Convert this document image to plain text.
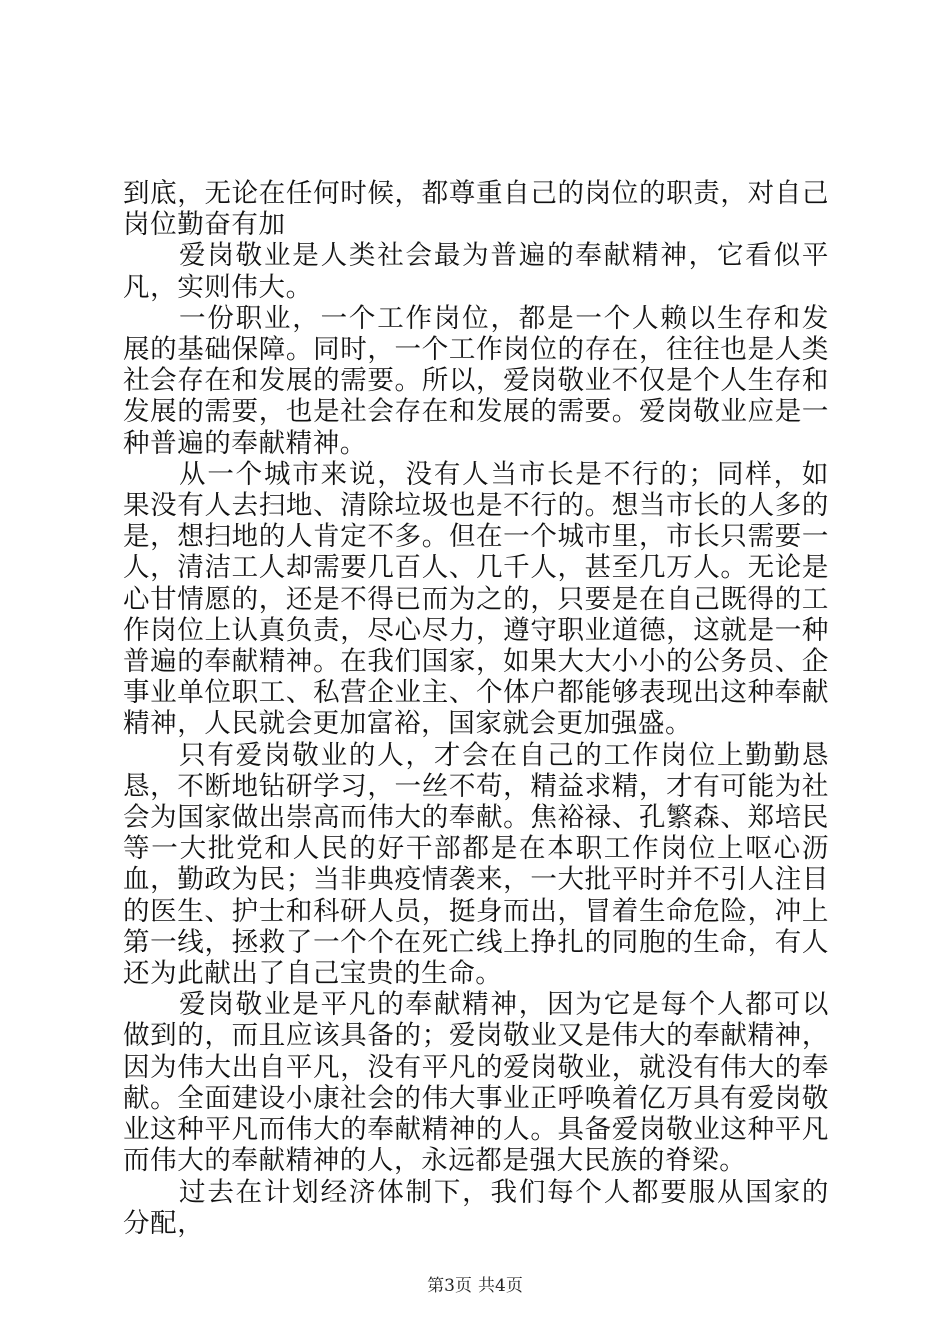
到底，无论在任何时候，都尊重自己的岗位的职责，对自己岗位勤奋有加

爱岗敬业是人类社会最为普遍的奉献精神，它看似平凡，实则伟大。

一份职业，一个工作岗位，都是一个人赖以生存和发展的基础保障。同时，一个工作岗位的存在，往往也是人类社会存在和发展的需要。所以，爱岗敬业不仅是个人生存和发展的需要，也是社会存在和发展的需要。爱岗敬业应是一种普遍的奉献精神。

从一个城市来说，没有人当市长是不行的；同样，如果没有人去扫地、清除垃圾也是不行的。想当市长的人多的是，想扫地的人肯定不多。但在一个城市里，市长只需要一人，清洁工人却需要几百人、几千人，甚至几万人。无论是心甘情愿的，还是不得已而为之的，只要是在自己既得的工作岗位上认真负责，尽心尽力，遵守职业道德，这就是一种普遍的奉献精神。在我们国家，如果大大小小的公务员、企事业单位职工、私营企业主、个体户都能够表现出这种奉献精神，人民就会更加富裕，国家就会更加强盛。

只有爱岗敬业的人，才会在自己的工作岗位上勤勤恳恳，不断地钻研学习，一丝不苟，精益求精，才有可能为社会为国家做出崇高而伟大的奉献。焦裕禄、孔繁森、郑培民等一大批党和人民的好干部都是在本职工作岗位上呕心沥血，勤政为民；当非典疫情袭来，一大批平时并不引人注目的医生、护士和科研人员，挺身而出，冒着生命危险，冲上第一线，拯救了一个个在死亡线上挣扎的同胞的生命，有人还为此献出了自己宝贵的生命。

爱岗敬业是平凡的奉献精神，因为它是每个人都可以做到的，而且应该具备的；爱岗敬业又是伟大的奉献精神，因为伟大出自平凡，没有平凡的爱岗敬业，就没有伟大的奉献。全面建设小康社会的伟大事业正呼唤着亿万具有爱岗敬业这种平凡而伟大的奉献精神的人。具备爱岗敬业这种平凡而伟大的奉献精神的人，永远都是强大民族的脊梁。

过去在计划经济体制下，我们每个人都要服从国家的分配，

第3页 共4页
